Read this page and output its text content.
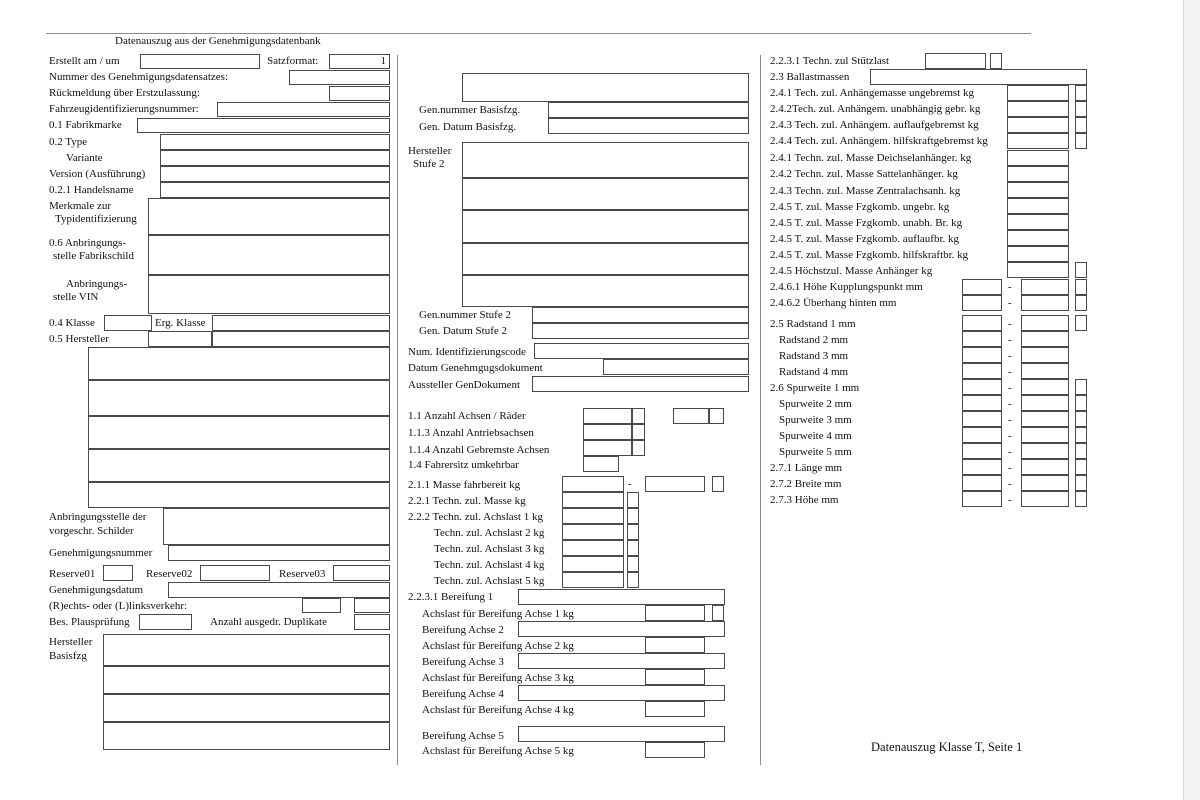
Datenauszug aus der Genehmigungsdatenbank
Erstellt am / um	Satzformat:	1
Nummer des Genehmigungsdatensatzes:
Rückmeldung über Erstzulassung:
Fahrzeugidentifizierungsnummer:
0.1 Fabrikmarke
0.2 Type
Variante
Version (Ausführung)
0.2.1 Handelsname
Merkmale zur
Typidentifizierung
0.6 Anbringungs-
stelle Fabrikschild
Anbringungs-
stelle VIN
0.4 Klasse	Erg. Klasse
0.5 Hersteller
Anbringungsstelle der
vorgeschr. Schilder
Genehmigungsnummer
Reserve01	Reserve02	Reserve03
Genehmigungsdatum
(R)echts- oder (L)linksverkehr:
Bes. Plausprüfung	Anzahl ausgedr. Duplikate
Hersteller
Basisfzg
Gen.nummer Basisfzg.
Gen. Datum Basisfzg.
Hersteller
Stufe 2
Gen.nummer Stufe 2
Gen. Datum Stufe 2
Num. Identifizierungscode
Datum Genehmgugsdokument
Aussteller GenDokument
1.1 Anzahl Achsen / Räder
1.1.3 Anzahl Antriebsachsen
1.1.4 Anzahl Gebremste Achsen
1.4 Fahrersitz umkehrbar
2.1.1 Masse fahrbereit kg	-
2.2.1 Techn. zul. Masse kg
2.2.2 Techn. zul. Achslast 1 kg
Techn. zul. Achslast 2 kg
Techn. zul. Achslast 3 kg
Techn. zul. Achslast 4 kg
Techn. zul. Achslast 5 kg
2.2.3.1 Bereifung 1
Achslast für Bereifung Achse 1 kg
Bereifung Achse 2
Achslast für Bereifung Achse 2 kg
Bereifung Achse 3
Achslast für Bereifung Achse 3 kg
Bereifung Achse 4
Achslast für Bereifung Achse 4 kg
Bereifung Achse 5
Achslast für Bereifung Achse 5 kg
2.2.3.1 Techn. zul Stützlast
2.3 Ballastmassen
2.4.1 Tech. zul. Anhängemasse ungebremst kg
2.4.2Tech. zul. Anhängem. unabhängig gebr. kg
2.4.3 Tech. zul. Anhängem. auflaufgebremst kg
2.4.4 Tech. zul. Anhängem. hilfskraftgebremst kg
2.4.1 Techn. zul. Masse Deichselanhänger. kg
2.4.2 Techn. zul. Masse Sattelanhänger. kg
2.4.3 Techn. zul. Masse Zentralachsanh. kg
2.4.5 T. zul. Masse Fzgkomb. ungebr. kg
2.4.5 T. zul. Masse Fzgkomb. unabh. Br. kg
2.4.5 T. zul. Masse Fzgkomb. auflaufbr. kg
2.4.5 T. zul. Masse Fzgkomb. hilfskraftbr. kg
2.4.5 Höchstzul. Masse Anhänger kg
2.4.6.1 Höhe Kupplungspunkt mm	-
2.4.6.2 Überhang hinten mm	-
2.5 Radstand 1 mm	-
Radstand 2 mm	-
Radstand 3 mm	-
Radstand 4 mm	-
2.6 Spurweite 1 mm	-
Spurweite 2 mm	-
Spurweite 3 mm	-
Spurweite 4 mm	-
Spurweite 5 mm	-
2.7.1 Länge mm	-
2.7.2 Breite mm	-
2.7.3 Höhe mm	-
Datenauszug Klasse T, Seite 1
